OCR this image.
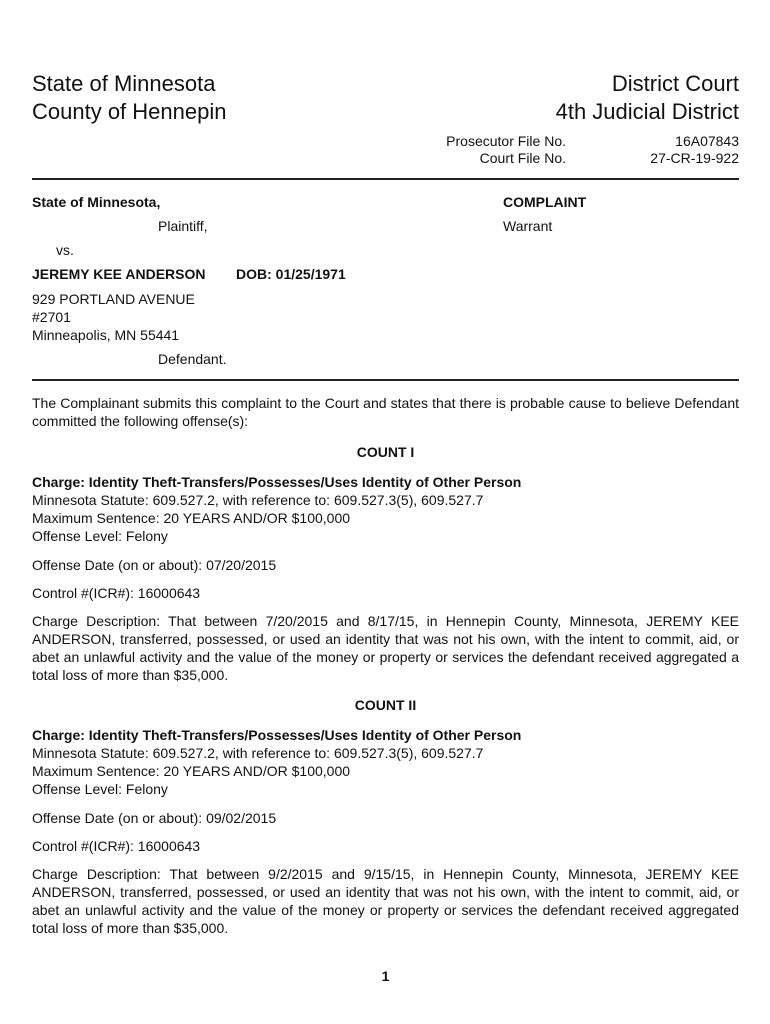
State of Minnesota
County of Hennepin
District Court
4th Judicial District
Prosecutor File No.	16A07843
Court File No.	27-CR-19-922
State of Minnesota,	COMPLAINT
Plaintiff,	Warrant
vs.
JEREMY KEE ANDERSON DOB: 01/25/1971
929 PORTLAND AVENUE
#2701
Minneapolis, MN 55441
Defendant.
The Complainant submits this complaint to the Court and states that there is probable cause to believe Defendant committed the following offense(s):
COUNT I
Charge: Identity Theft-Transfers/Possesses/Uses Identity of Other Person
Minnesota Statute: 609.527.2, with reference to: 609.527.3(5), 609.527.7
Maximum Sentence: 20 YEARS AND/OR $100,000
Offense Level: Felony
Offense Date (on or about): 07/20/2015
Control #(ICR#): 16000643
Charge Description: That between 7/20/2015 and 8/17/15, in Hennepin County, Minnesota, JEREMY KEE ANDERSON, transferred, possessed, or used an identity that was not his own, with the intent to commit, aid, or abet an unlawful activity and the value of the money or property or services the defendant received aggregated a total loss of more than $35,000.
COUNT II
Charge: Identity Theft-Transfers/Possesses/Uses Identity of Other Person
Minnesota Statute: 609.527.2, with reference to: 609.527.3(5), 609.527.7
Maximum Sentence: 20 YEARS AND/OR $100,000
Offense Level: Felony
Offense Date (on or about): 09/02/2015
Control #(ICR#): 16000643
Charge Description: That between 9/2/2015 and 9/15/15, in Hennepin County, Minnesota, JEREMY KEE ANDERSON, transferred, possessed, or used an identity that was not his own, with the intent to commit, aid, or abet an unlawful activity and the value of the money or property or services the defendant received aggregated total loss of more than $35,000.
1
